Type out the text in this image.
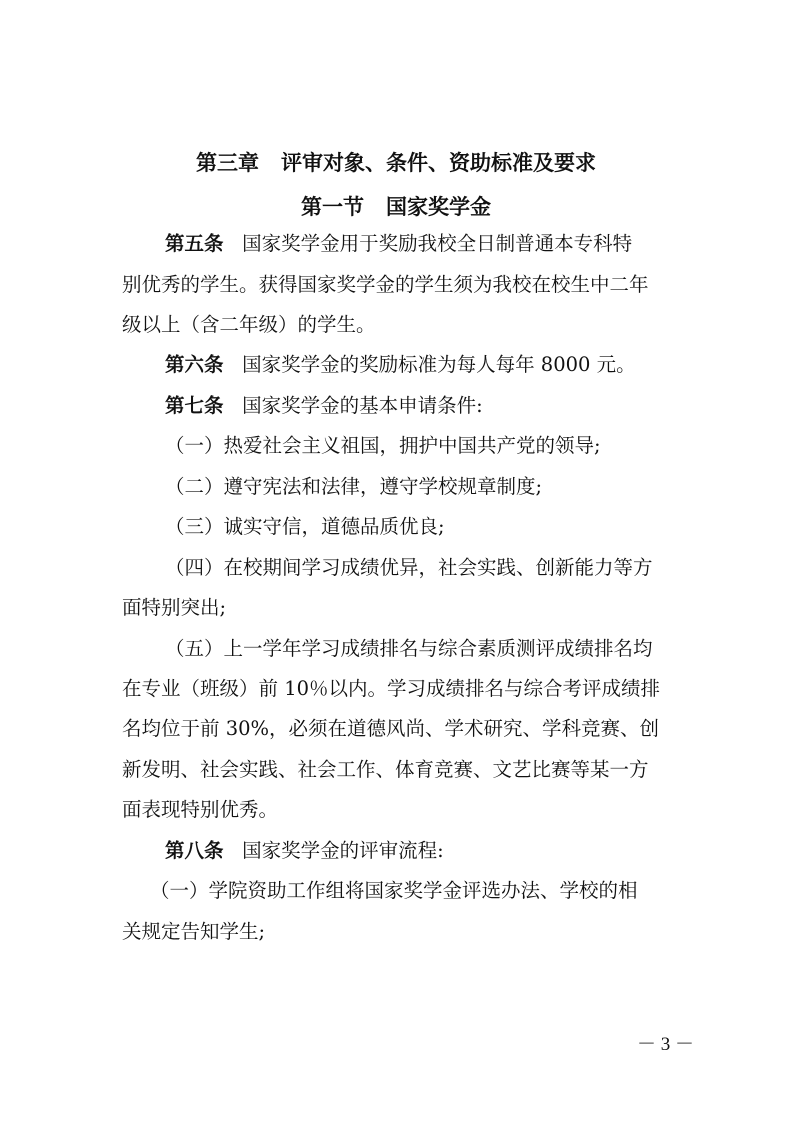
第三章   评审对象、条件、资助标准及要求
第一节   国家奖学金
第五条   国家奖学金用于奖励我校全日制普通本专科特
别优秀的学生。获得国家奖学金的学生须为我校在校生中二年
级以上（含二年级）的学生。
第六条   国家奖学金的奖励标准为每人每年 8000 元。
第七条   国家奖学金的基本申请条件:
（一）热爱社会主义祖国，拥护中国共产党的领导;
（二）遵守宪法和法律，遵守学校规章制度;
（三）诚实守信，道德品质优良;
（四）在校期间学习成绩优异，社会实践、创新能力等方
面特别突出;
（五）上一学年学习成绩排名与综合素质测评成绩排名均
在专业（班级）前 10％以内。学习成绩排名与综合考评成绩排
名均位于前 30%，必须在道德风尚、学术研究、学科竞赛、创
新发明、社会实践、社会工作、体育竞赛、文艺比赛等某一方
面表现特别优秀。
第八条   国家奖学金的评审流程:
（一）学院资助工作组将国家奖学金评选办法、学校的相
关规定告知学生;
－ 3 －
